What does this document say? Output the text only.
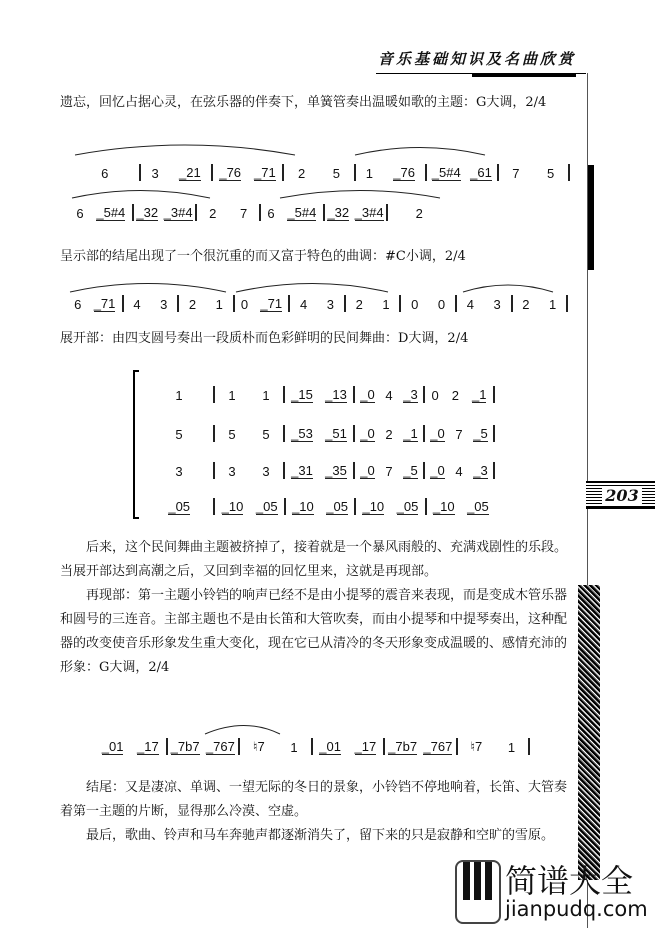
音乐基础知识及名曲欣赏
203
遗忘，回忆占据心灵，在弦乐器的伴奏下，单簧管奏出温暖如歌的主题：G大调，2/4
6	3 _21 _76 _71 2 5 1 _76 _5#4 _61 7 5
6 _5#4 _32 _3#4 2 7 6 _5#4 _32 _3#4 2
呈示部的结尾出现了一个很沉重的而又富于特色的曲调：#C小调，2/4
6 _71 4 3 2 1 0 _71 4 3 2 1 0 0 4 3 2 1
展开部：由四支圆号奏出一段质朴而色彩鲜明的民间舞曲：D大调，2/4
1	1 1 _15 _13 _0 4 _3 0 2 _1
5	5 5 _53 _51 _0 2 _1 _0 7 _5
3	3 3 _31 _35 _0 7 _5 _0 4 _3
_05 _10 _05 _10 _05 _10 _05 _10 _05
后来，这个民间舞曲主题被挤掉了，接着就是一个暴风雨般的、充满戏剧性的乐段。当展开部达到高潮之后，又回到幸福的回忆里来，这就是再现部。
再现部：第一主题小铃铛的响声已经不是由小提琴的震音来表现，而是变成木管乐器和圆号的三连音。主部主题也不是由长笛和大管吹奏，而由小提琴和中提琴奏出，这种配器的改变使音乐形象发生重大变化，现在它已从清冷的冬天形象变成温暖的、感情充沛的形象：G大调，2/4
_01 _17 _7b7 _767 ♮7 1 _01 _17 _7b7 _767 ♮7 1
结尾：又是凄凉、单调、一望无际的冬日的景象，小铃铛不停地响着，长笛、大管奏着第一主题的片断，显得那么冷漠、空虚。
最后，歌曲、铃声和马车奔驰声都逐渐消失了，留下来的只是寂静和空旷的雪原。
简谱大全
jianpudq.com
